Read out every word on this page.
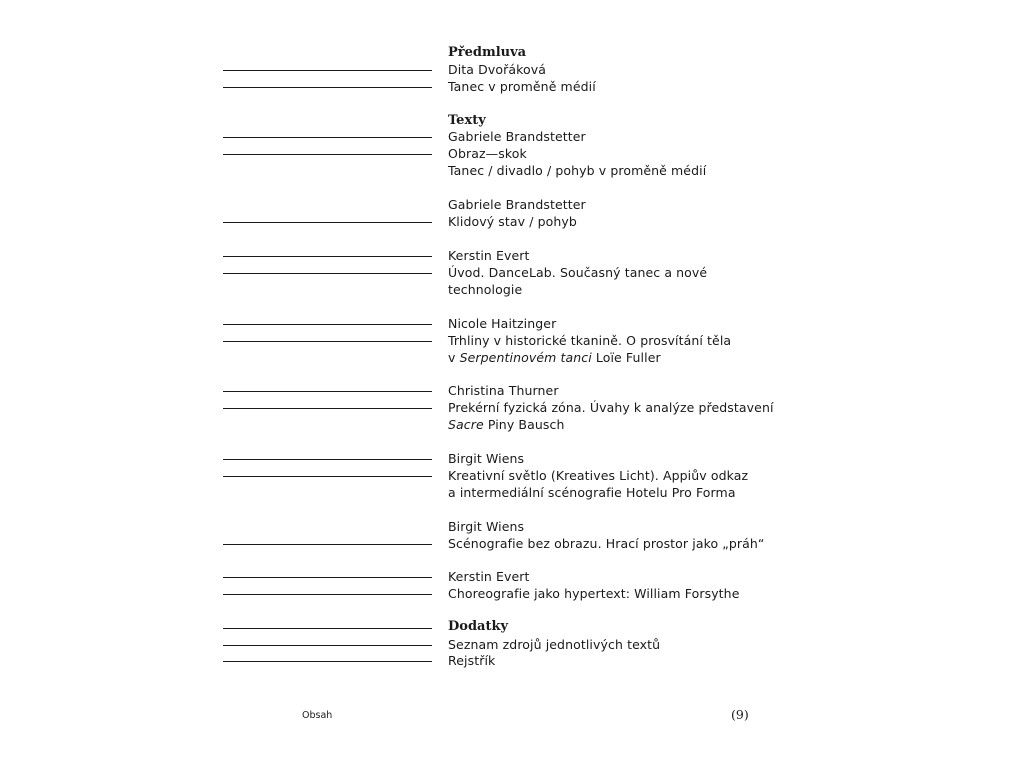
Předmluva
Dita Dvořáková
Tanec v proměně médií
Texty
Gabriele Brandstetter
Obraz—skok
Tanec / divadlo / pohyb v proměně médií
Gabriele Brandstetter
Klidový stav / pohyb
Kerstin Evert
Úvod. DanceLab. Současný tanec a nové
technologie
Nicole Haitzinger
Trhliny v historické tkanině. O prosvítání těla
v Serpentinovém tanci Loïe Fuller
Christina Thurner
Prekérní fyzická zóna. Úvahy k analýze představení
Sacre Piny Bausch
Birgit Wiens
Kreativní světlo (Kreatives Licht). Appiův odkaz
a intermediální scénografie Hotelu Pro Forma
Birgit Wiens
Scénografie bez obrazu. Hrací prostor jako „práh“
Kerstin Evert
Choreografie jako hypertext: William Forsythe
Dodatky
Seznam zdrojů jednotlivých textů
Rejstřík
Obsah	(9)
